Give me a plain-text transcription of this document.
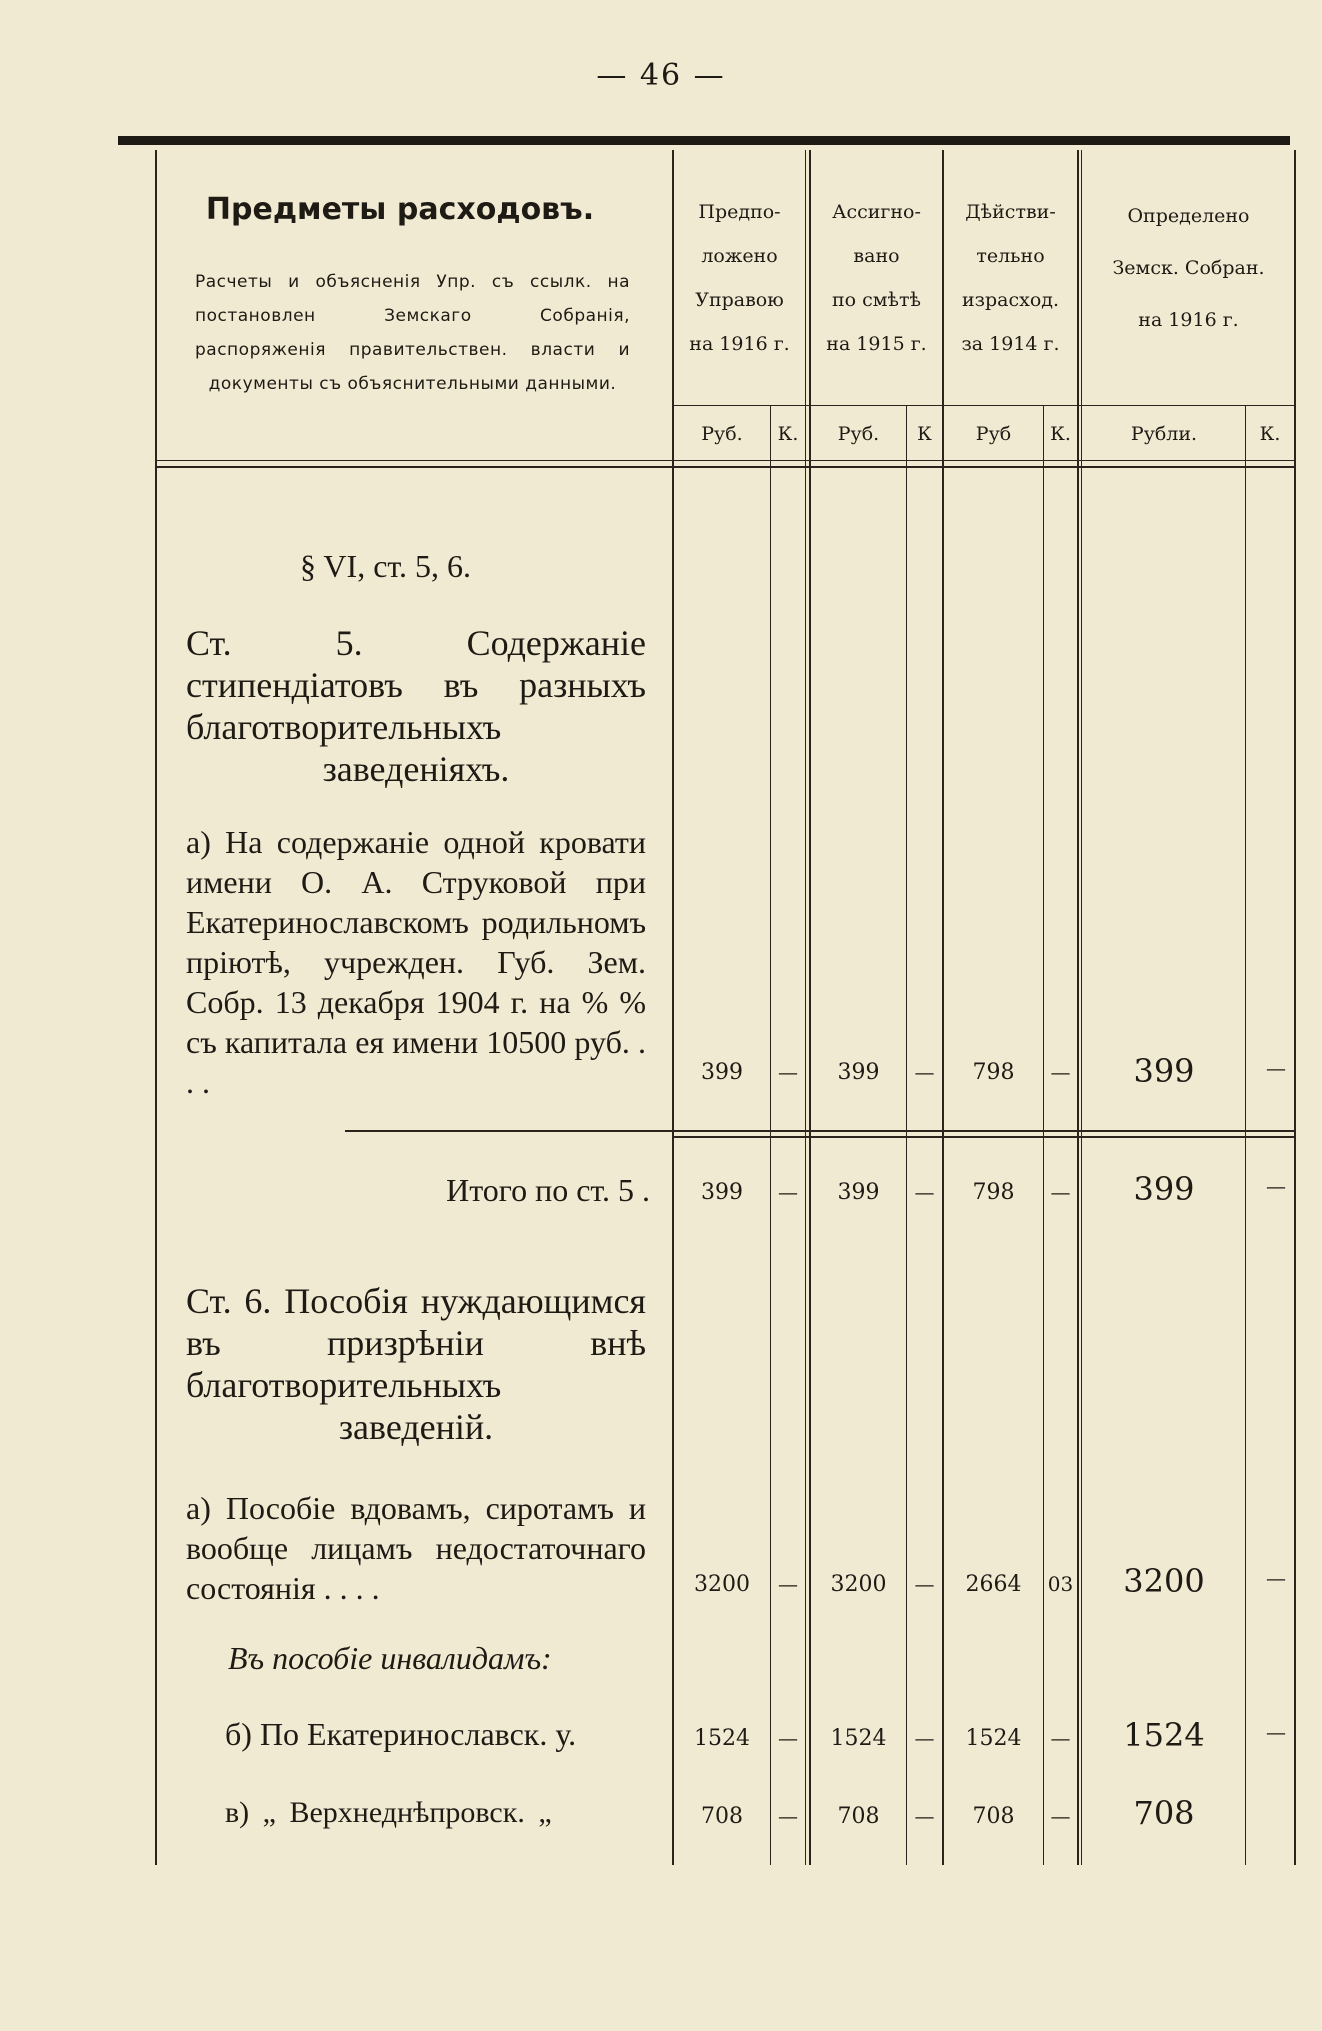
— 46 —
Предметы расходовъ.
Расчеты и объясненія Упр. съ ссылк. на постановлен Земскаго Собранія, распоряженія правительствен. власти и документы съ объяснительными данными.
Предпо-
ложено
Управою
на 1916 г.
Ассигно-
вано
по смѣтѣ
на 1915 г.
Дѣйстви-
тельно
израсход.
за 1914 г.
Определено
Земск. Собран.
на 1916 г.
Руб.	К.	Руб.	К	Руб	К.	Рубли.	К.
§ VI, ст. 5, 6.
Ст. 5. Содержаніе стипендіатовъ въ разныхъ благотворительныхъ заведеніяхъ.
а) На содержаніе одной кровати имени О. А. Струковой при Екатеринославскомъ родильномъ пріютѣ, учрежден. Губ. Зем. Собр. 13 декабря 1904 г. на % % съ капитала ея имени 10500 руб. . . .	399	—	399	—	798	—	399	—
Итого по ст. 5 .	399	—	399	—	798	—	399	—
Ст. 6. Пособія нуждающимся въ призрѣніи внѣ благотворительныхъ заведеній.
а) Пособіе вдовамъ, сиротамъ и вообще лицамъ недостаточнаго состоянія . . . .	3200	—	3200	—	2664	03	3200	—
Въ пособіе инвалидамъ:
б) По Екатеринославск. у.	1524	—	1524	—	1524	—	1524	—
в) „ Верхнеднѣпровск. „	708	—	708	—	708	—	708
